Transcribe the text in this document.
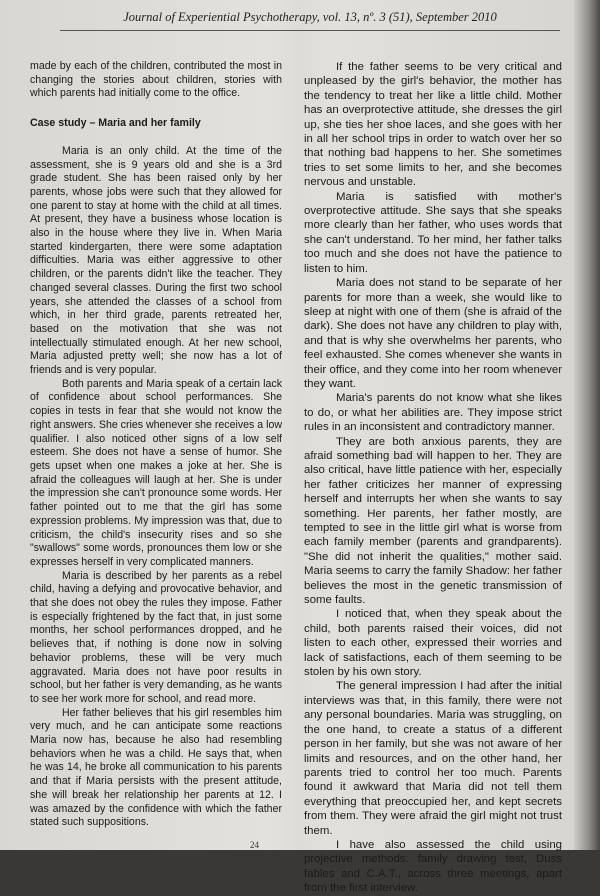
Journal of Experiential Psychotherapy, vol. 13, nº. 3 (51), September 2010

made by each of the children, contributed the most in changing the stories about children, stories with which parents had initially come to the office.

Case study – Maria and her family

Maria is an only child. At the time of the assessment, she is 9 years old and she is a 3rd grade student. She has been raised only by her parents, whose jobs were such that they allowed for one parent to stay at home with the child at all times. At present, they have a business whose location is also in the house where they live in. When Maria started kindergarten, there were some adaptation difficulties. Maria was either aggressive to other children, or the parents didn't like the teacher. They changed several classes. During the first two school years, she attended the classes of a school from which, in her third grade, parents retreated her, based on the motivation that she was not intellectually stimulated enough. At her new school, Maria adjusted pretty well; she now has a lot of friends and is very popular.

Both parents and Maria speak of a certain lack of confidence about school performances. She copies in tests in fear that she would not know the right answers. She cries whenever she receives a low qualifier. I also noticed other signs of a low self esteem. She does not have a sense of humor. She gets upset when one makes a joke at her. She is afraid the colleagues will laugh at her. She is under the impression she can't pronounce some words. Her father pointed out to me that the girl has some expression problems. My impression was that, due to criticism, the child's insecurity rises and so she "swallows" some words, pronounces them low or she expresses herself in very complicated manners.

Maria is described by her parents as a rebel child, having a defying and provocative behavior, and that she does not obey the rules they impose. Father is especially frightened by the fact that, in just some months, her school performances dropped, and he believes that, if nothing is done now in solving behavior problems, these will be very much aggravated. Maria does not have poor results in school, but her father is very demanding, as he wants to see her work more for school, and read more.

Her father believes that his girl resembles him very much, and he can anticipate some reactions Maria now has, because he also had resembling behaviors when he was a child. He says that, when he was 14, he broke all communication to his parents and that if Maria persists with the present attitude, she will break her relationship her parents at 12. I was amazed by the confidence with which the father stated such suppositions.

If the father seems to be very critical and unpleased by the girl's behavior, the mother has the tendency to treat her like a little child. Mother has an overprotective attitude, she dresses the girl up, she ties her shoe laces, and she goes with her in all her school trips in order to watch over her so that nothing bad happens to her. She sometimes tries to set some limits to her, and she becomes nervous and unstable.

Maria is satisfied with mother's overprotective attitude. She says that she speaks more clearly than her father, who uses words that she can't understand. To her mind, her father talks too much and she does not have the patience to listen to him.

Maria does not stand to be separate of her parents for more than a week, she would like to sleep at night with one of them (she is afraid of the dark). She does not have any children to play with, and that is why she overwhelms her parents, who feel exhausted. She comes whenever she wants in their office, and they come into her room whenever they want.

Maria's parents do not know what she likes to do, or what her abilities are. They impose strict rules in an inconsistent and contradictory manner.

They are both anxious parents, they are afraid something bad will happen to her. They are also critical, have little patience with her, especially her father criticizes her manner of expressing herself and interrupts her when she wants to say something. Her parents, her father mostly, are tempted to see in the little girl what is worse from each family member (parents and grandparents). "She did not inherit the qualities," mother said. Maria seems to carry the family Shadow: her father believes the most in the genetic transmission of some faults.

I noticed that, when they speak about the child, both parents raised their voices, did not listen to each other, expressed their worries and lack of satisfactions, each of them seeming to be stolen by his own story.

The general impression I had after the initial interviews was that, in this family, there were not any personal boundaries. Maria was struggling, on the one hand, to create a status of a different person in her family, but she was not aware of her limits and resources, and on the other hand, her parents tried to control her too much. Parents found it awkward that Maria did not tell them everything that preoccupied her, and kept secrets from them. They were afraid the girl might not trust them.

I have also assessed the child using projective methods: family drawing test, Duss fables and C.A.T., across three meetings, apart from the first interview.

24
